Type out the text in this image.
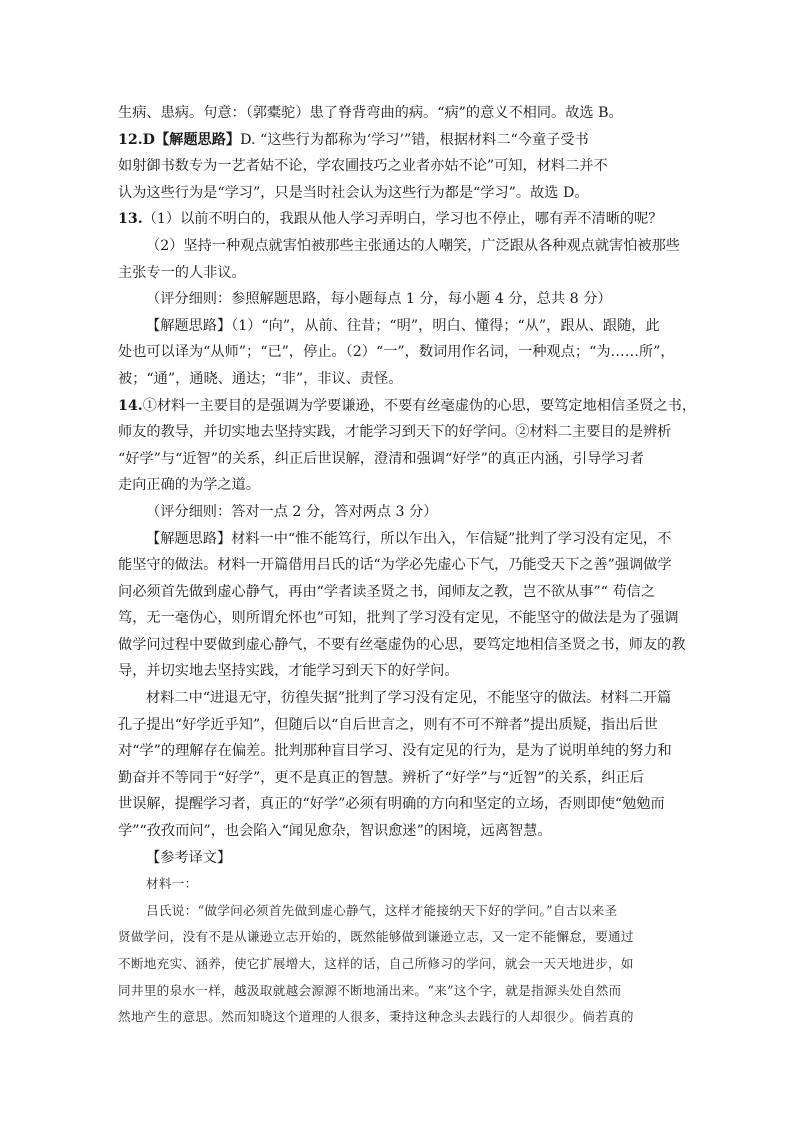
生病、患病。句意：（郭橐驼）患了脊背弯曲的病。“病”的意义不相同。故选 B。
12.D【解题思路】D. “这些行为都称为‘学习’”错，根据材料二“今童子受书
如射御书数专为一艺者姑不论，学农圃技巧之业者亦姑不论”可知，材料二并不
认为这些行为是“学习”，只是当时社会认为这些行为都是“学习”。故选 D。
13.（1）以前不明白的，我跟从他人学习弄明白，学习也不停止，哪有弄不清晰的呢？
（2）坚持一种观点就害怕被那些主张通达的人嘲笑，广泛跟从各种观点就害怕被那些
主张专一的人非议。
（评分细则：参照解题思路，每小题每点 1 分，每小题 4 分，总共 8 分）
【解题思路】（1）“向”，从前、往昔；“明”，明白、懂得；“从”，跟从、跟随，此
处也可以译为“从师”；“已”，停止。（2）“一”，数词用作名词，一种观点；“为……所”，
被；“通”，通晓、通达；“非”，非议、责怪。
14.①材料一主要目的是强调为学要谦逊，不要有丝毫虚伪的心思，要笃定地相信圣贤之书，
师友的教导，并切实地去坚持实践，才能学习到天下的好学问。②材料二主要目的是辨析
“好学”与“近智”的关系，纠正后世误解，澄清和强调“好学”的真正内涵，引导学习者
走向正确的为学之道。
（评分细则：答对一点 2 分，答对两点 3 分）
【解题思路】材料一中“惟不能笃行，所以乍出入，乍信疑”批判了学习没有定见，不
能坚守的做法。材料一开篇借用吕氏的话“为学必先虚心下气，乃能受天下之善”强调做学
问必须首先做到虚心静气，再由“学者读圣贤之书，闻师友之教，岂不欲从事”“ 苟信之
笃，无一毫伪心，则所谓允怀也”可知，批判了学习没有定见，不能坚守的做法是为了强调
做学问过程中要做到虚心静气，不要有丝毫虚伪的心思，要笃定地相信圣贤之书，师友的教
导，并切实地去坚持实践，才能学习到天下的好学问。
材料二中“进退无守，彷徨失据”批判了学习没有定见，不能坚守的做法。材料二开篇
孔子提出“好学近乎知”，但随后以“自后世言之，则有不可不辩者”提出质疑，指出后世
对“学”的理解存在偏差。批判那种盲目学习、没有定见的行为，是为了说明单纯的努力和
勤奋并不等同于“好学”，更不是真正的智慧。辨析了“好学”与“近智”的关系，纠正后
世误解，提醒学习者，真正的“好学”必须有明确的方向和坚定的立场，否则即使“勉勉而
学”“孜孜而问”，也会陷入“闻见愈杂，智识愈迷”的困境，远离智慧。
【参考译文】
材料一：
吕氏说：“做学问必须首先做到虚心静气，这样才能接纳天下好的学问。”自古以来圣
贤做学问，没有不是从谦逊立志开始的，既然能够做到谦逊立志，又一定不能懈怠，要通过
不断地充实、涵养，使它扩展增大，这样的话，自己所修习的学问，就会一天天地进步，如
同井里的泉水一样，越汲取就越会源源不断地涌出来。“来”这个字，就是指源头处自然而
然地产生的意思。然而知晓这个道理的人很多，秉持这种念头去践行的人却很少。倘若真的
